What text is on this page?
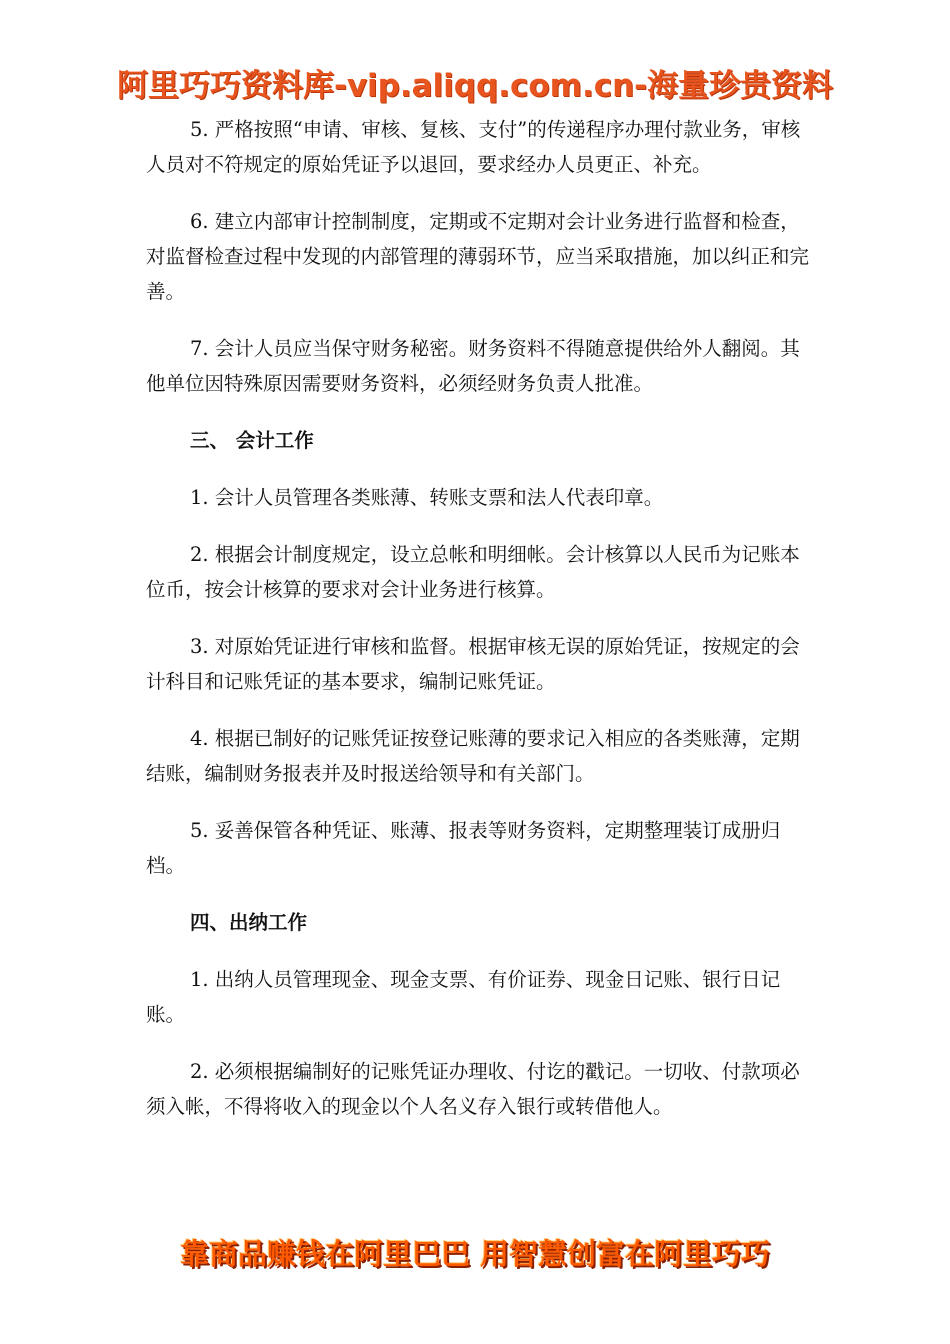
阿里巧巧资料库-vip.aliqq.com.cn-海量珍贵资料

5. 严格按照“申请、审核、复核、支付”的传递程序办理付款业务，审核人员对不符规定的原始凭证予以退回，要求经办人员更正、补充。

6. 建立内部审计控制制度，定期或不定期对会计业务进行监督和检查，对监督检查过程中发现的内部管理的薄弱环节，应当采取措施，加以纠正和完善。

7. 会计人员应当保守财务秘密。财务资料不得随意提供给外人翻阅。其他单位因特殊原因需要财务资料，必须经财务负责人批准。

三、 会计工作

1. 会计人员管理各类账薄、转账支票和法人代表印章。

2. 根据会计制度规定，设立总帐和明细帐。会计核算以人民币为记账本位币，按会计核算的要求对会计业务进行核算。

3. 对原始凭证进行审核和监督。根据审核无误的原始凭证，按规定的会计科目和记账凭证的基本要求，编制记账凭证。

4. 根据已制好的记账凭证按登记账薄的要求记入相应的各类账薄，定期结账，编制财务报表并及时报送给领导和有关部门。

5. 妥善保管各种凭证、账薄、报表等财务资料，定期整理装订成册归档。

四、出纳工作

1. 出纳人员管理现金、现金支票、有价证券、现金日记账、银行日记账。

2. 必须根据编制好的记账凭证办理收、付讫的戳记。一切收、付款项必须入帐，不得将收入的现金以个人名义存入银行或转借他人。

靠商品赚钱在阿里巴巴 用智慧创富在阿里巧巧
